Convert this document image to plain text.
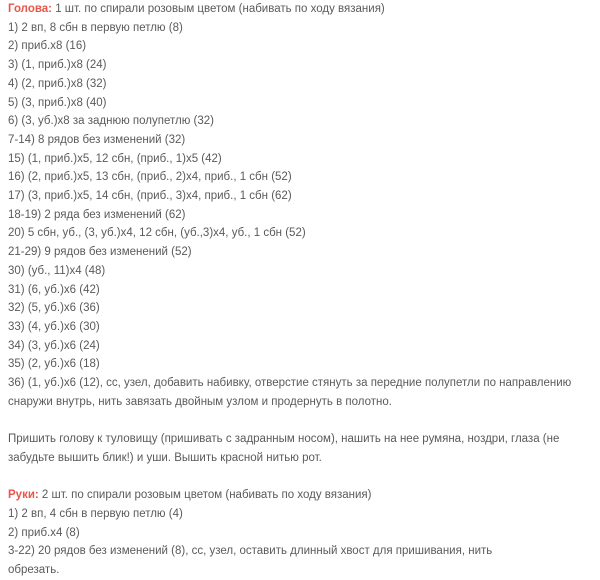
Голова: 1 шт. по спирали розовым цветом (набивать по ходу вязания)
1) 2 вп, 8 сбн в первую петлю (8)
2) приб.х8 (16)
3) (1, приб.)х8 (24)
4) (2, приб.)х8 (32)
5) (3, приб.)х8 (40)
6) (3, уб.)х8 за заднюю полупетлю (32)
7-14) 8 рядов без изменений (32)
15) (1, приб.)х5, 12 сбн, (приб., 1)х5 (42)
16) (2, приб.)х5, 13 сбн, (приб., 2)х4, приб., 1 сбн (52)
17) (3, приб.)х5, 14 сбн, (приб., 3)х4, приб., 1 сбн (62)
18-19) 2 ряда без изменений (62)
20) 5 сбн, уб., (3, уб.)х4, 12 сбн, (уб.,3)х4, уб., 1 сбн (52)
21-29) 9 рядов без изменений (52)
30) (уб., 11)х4 (48)
31) (6, уб.)х6 (42)
32) (5, уб.)х6 (36)
33) (4, уб.)х6 (30)
34) (3, уб.)х6 (24)
35) (2, уб.)х6 (18)
36) (1, уб.)х6 (12), сс, узел, добавить набивку, отверстие стянуть за передние полупетли по направлению
снаружи внутрь, нить завязать двойным узлом и продернуть в полотно.
Пришить голову к туловищу (пришивать с задранным носом), нашить на нее румяна, ноздри, глаза (не
забудьте вышить блик!) и уши. Вышить красной нитью рот.
Руки: 2 шт. по спирали розовым цветом (набивать по ходу вязания)
1) 2 вп, 4 сбн в первую петлю (4)
2) приб.х4 (8)
3-22) 20 рядов без изменений (8), сс, узел, оставить длинный хвост для пришивания, нить
обрезать.
